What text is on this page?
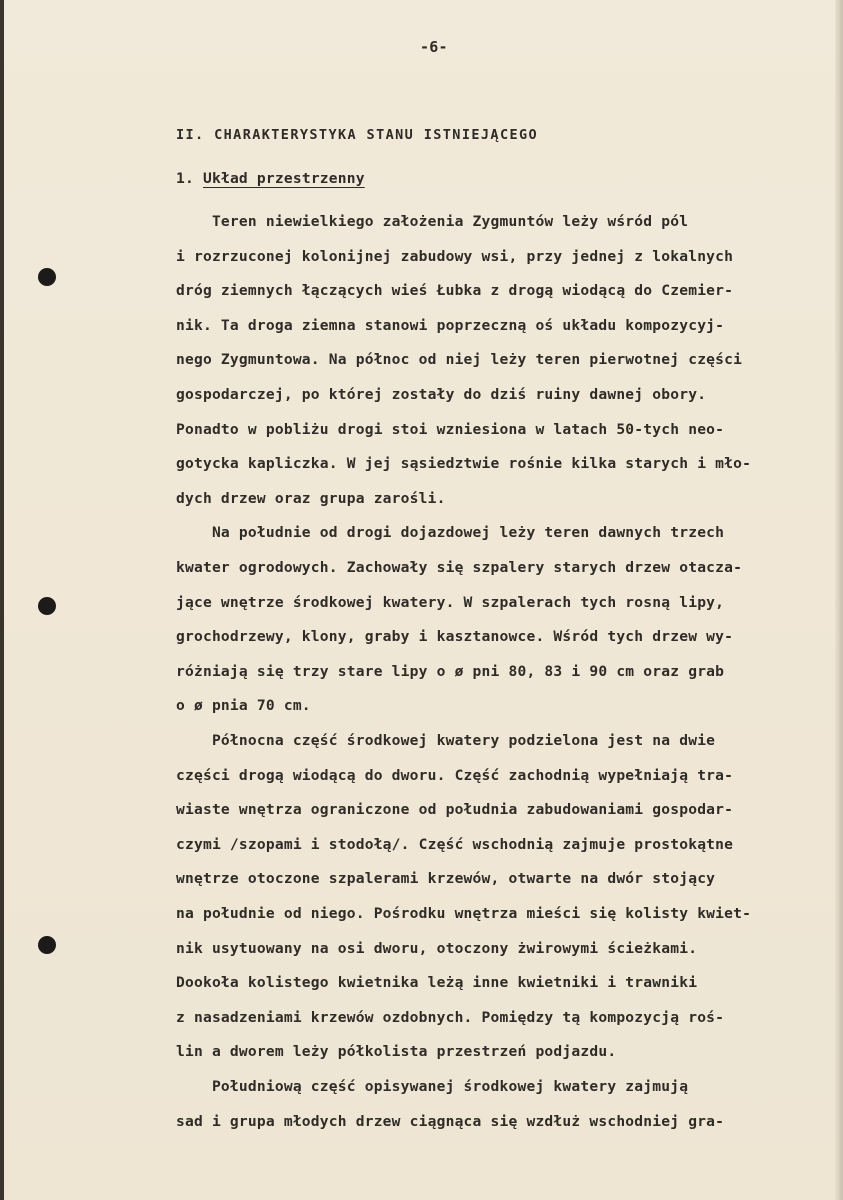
-6-
II. CHARAKTERYSTYKA STANU ISTNIEJĄCEGO
1. Układ przestrzenny
Teren niewielkiego założenia Zygmuntów leży wśród pól
i rozrzuconej kolonijnej zabudowy wsi, przy jednej z lokalnych
dróg ziemnych łączących wieś Łubka z drogą wiodącą do Czemier-
nik. Ta droga ziemna stanowi poprzeczną oś układu kompozycyj-
nego Zygmuntowa. Na północ od niej leży teren pierwotnej części
gospodarczej, po której zostały do dziś ruiny dawnej obory.
Ponadto w pobliżu drogi stoi wzniesiona w latach 50-tych neo-
gotycka kapliczka. W jej sąsiedztwie rośnie kilka starych i mło-
dych drzew oraz grupa zarośli.
Na południe od drogi dojazdowej leży teren dawnych trzech
kwater ogrodowych. Zachowały się szpalery starych drzew otacza-
jące wnętrze środkowej kwatery. W szpalerach tych rosną lipy,
grochodrzewy, klony, graby i kasztanowce. Wśród tych drzew wy-
różniają się trzy stare lipy o ø pni 80, 83 i 90 cm oraz grab
o ø pnia 70 cm.
Północna część środkowej kwatery podzielona jest na dwie
części drogą wiodącą do dworu. Część zachodnią wypełniają tra-
wiaste wnętrza ograniczone od południa zabudowaniami gospodar-
czymi /szopami i stodołą/. Część wschodnią zajmuje prostokątne
wnętrze otoczone szpalerami krzewów, otwarte na dwór stojący
na południe od niego. Pośrodku wnętrza mieści się kolisty kwiet-
nik usytuowany na osi dworu, otoczony żwirowymi ścieżkami.
Dookoła kolistego kwietnika leżą inne kwietniki i trawniki
z nasadzeniami krzewów ozdobnych. Pomiędzy tą kompozycją roś-
lin a dworem leży półkolista przestrzeń podjazdu.
Południową część opisywanej środkowej kwatery zajmują
sad i grupa młodych drzew ciągnąca się wzdłuż wschodniej gra-
